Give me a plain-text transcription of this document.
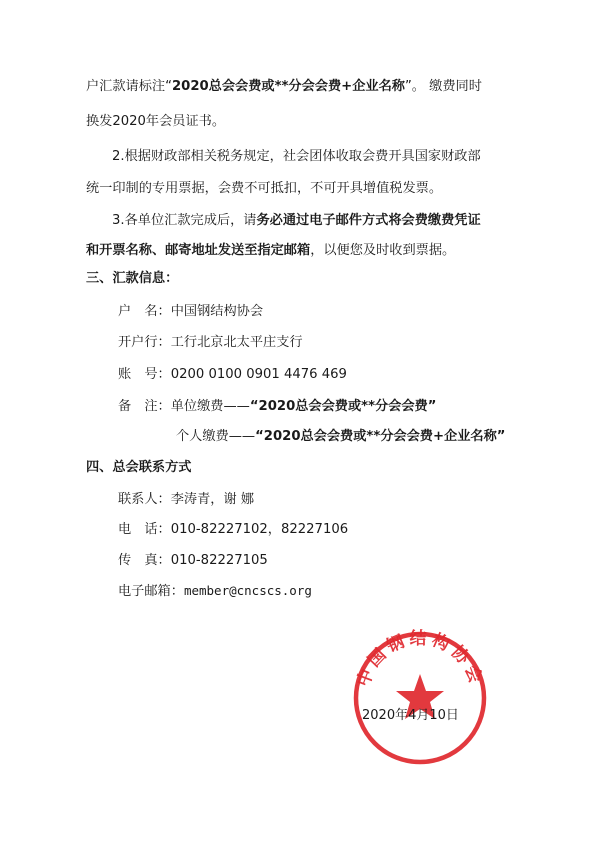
户汇款请标注“2020总会会费或**分会会费+企业名称”。 缴费同时
换发2020年会员证书。
2.根据财政部相关税务规定，社会团体收取会费开具国家财政部
统一印制的专用票据，会费不可抵扣，不可开具增值税发票。
3.各单位汇款完成后，请务必通过电子邮件方式将会费缴费凭证
和开票名称、邮寄地址发送至指定邮箱，以便您及时收到票据。
三、汇款信息：
户　名：中国钢结构协会
开户行：工行北京北太平庄支行
账　号：0200 0100 0901 4476 469
备　注：单位缴费——“2020总会会费或**分会会费”
个人缴费——“2020总会会费或**分会会费+企业名称”
四、总会联系方式
联系人：李涛青，谢 娜
电　话：010-82227102，82227106
传　真：010-82227105
电子邮箱：member@cncscs.org
中国钢结构协会
2020年4月10日
